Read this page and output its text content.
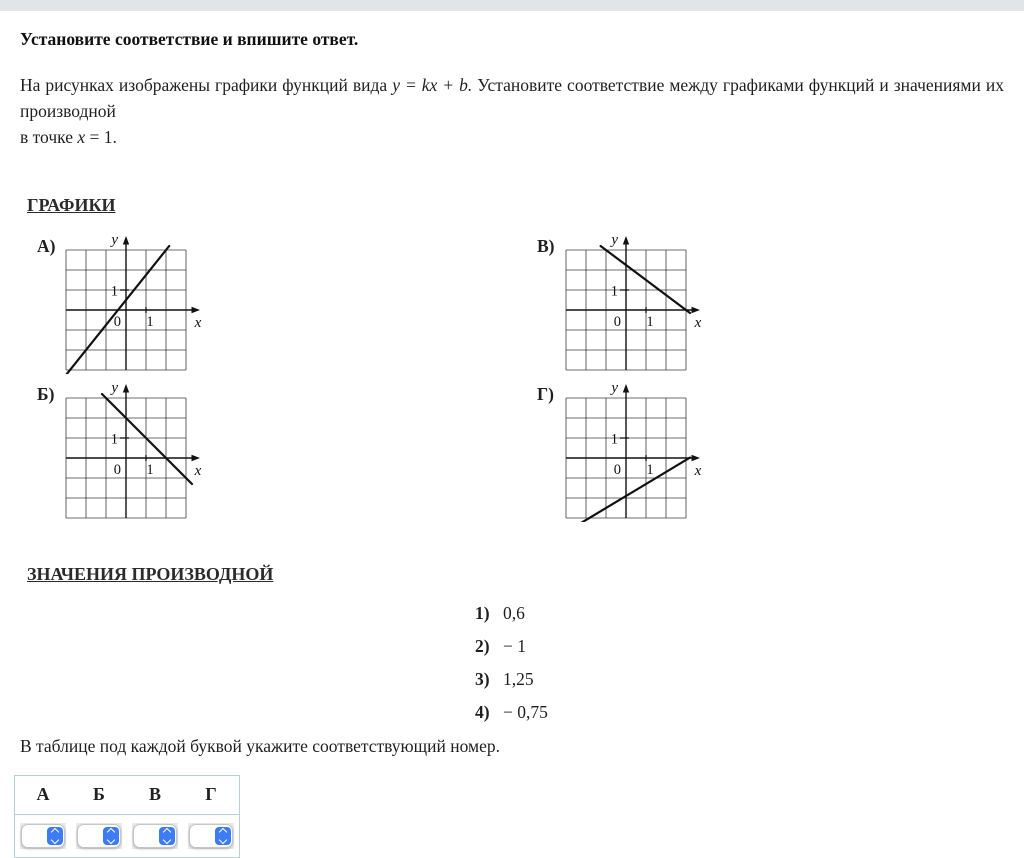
Установите соответствие и впишите ответ.

На рисунках изображены графики функций вида y = kx + b. Установите соответствие между графиками функций и значениями их производной
в точке x = 1.

ГРАФИКИ
А)	y
x
1
0 1
В)	y
x
1
0 1
Б)	y
x
1
0 1
Г)	y
x
1
0 1
ЗНАЧЕНИЯ ПРОИЗВОДНОЙ
1) 0,6
2) − 1
3) 1,25
4) − 0,75

В таблице под каждой буквой укажите соответствующий номер.

А	Б	В	Г
